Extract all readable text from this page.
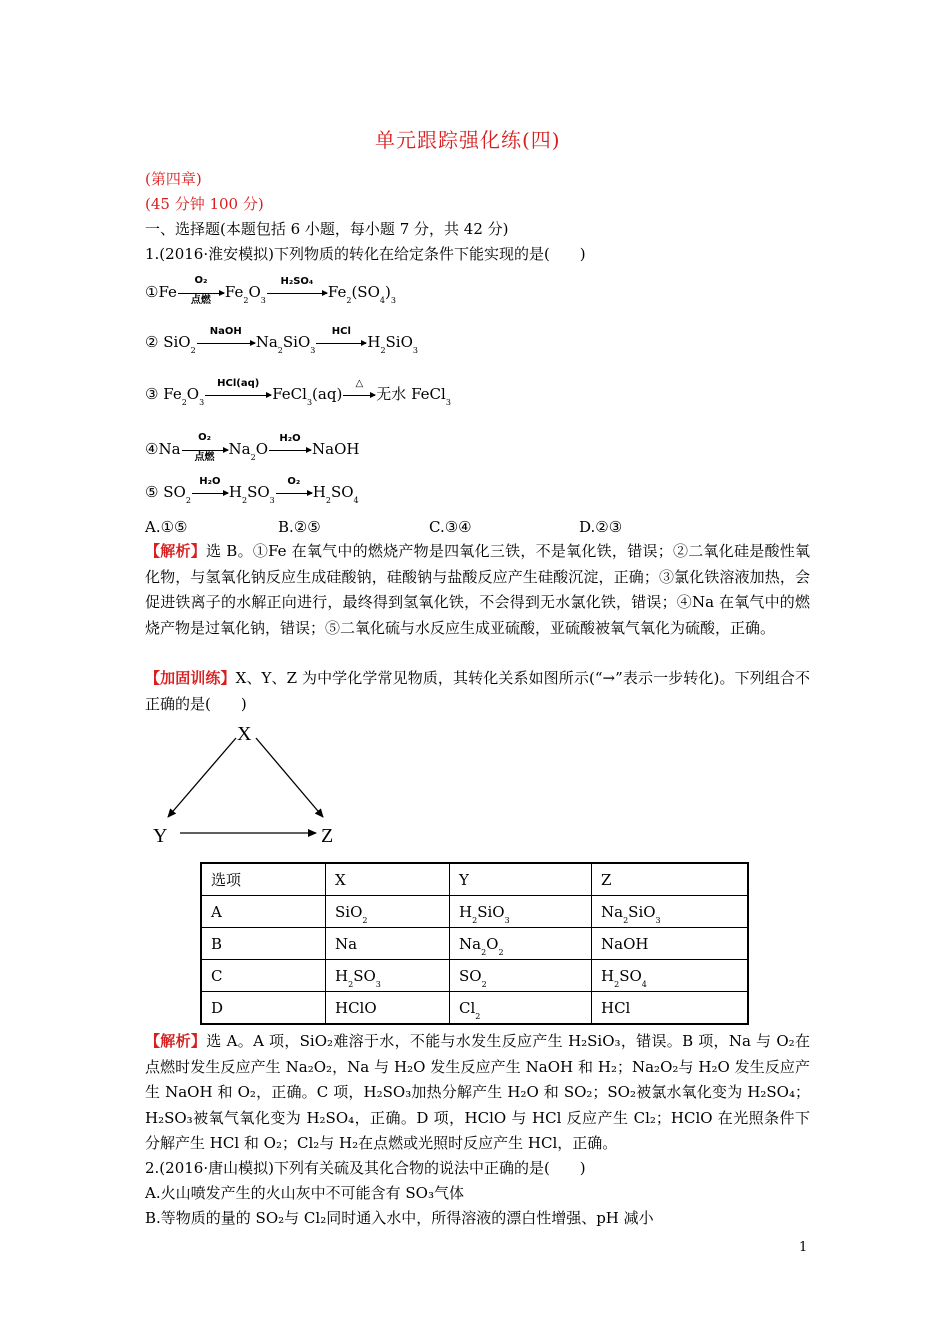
单元跟踪强化练(四)
(第四章)
(45 分钟 100 分)
一、选择题(本题包括 6 小题，每小题 7 分，共 42 分)
1.(2016·淮安模拟)下列物质的转化在给定条件下能实现的是(　　)
①Fe
O₂
点燃 $Fe_2O_3$
H₂SO₄
$Fe_2(SO_4)_3$
② SiO$_2$
NaOH
$Na_2SiO_3$
HCl
$H_2SiO_3$
③ $Fe_2O_3$
HCl(aq)
FeCl$_3$(aq)
△
无水 FeCl$_3$
④Na
O₂
点燃 $Na_2O$
H₂O
NaOH
⑤ $SO_2$
H₂O
$H_2SO_3$
O₂
$H_2SO_4$
A.①⑤	B.②⑤	C.③④	D.②③
【解析】选 B。①Fe 在氧气中的燃烧产物是四氧化三铁，不是氧化铁，错误；②二氧化硅是酸性氧化物，与氢氧化钠反应生成硅酸钠，硅酸钠与盐酸反应产生硅酸沉淀，正确；③氯化铁溶液加热，会促进铁离子的水解正向进行，最终得到氢氧化铁，不会得到无水氯化铁，错误；④Na 在氧气中的燃烧产物是过氧化钠，错误；⑤二氧化硫与水反应生成亚硫酸，亚硫酸被氧气氧化为硫酸，正确。
【加固训练】X、Y、Z 为中学化学常见物质，其转化关系如图所示(“→”表示一步转化)。下列组合不正确的是(　　)
X
Y	Z
选项	X	Y	Z
A	SiO$_2$	$H_2SiO_3$	$Na_2SiO_3$
B	Na	$Na_2O_2$	NaOH
C	$H_2SO_3$	$SO_2$	$H_2SO_4$
D	HClO	$Cl_2$	HCl
【解析】选 A。A 项，SiO₂难溶于水，不能与水发生反应产生 H₂SiO₃，错误。B 项，Na 与 O₂在点燃时发生反应产生 Na₂O₂，Na 与 H₂O 发生反应产生 NaOH 和 H₂；Na₂O₂与 H₂O 发生反应产生 NaOH 和 O₂，正确。C 项，H₂SO₃加热分解产生 H₂O 和 SO₂；SO₂被氯水氧化变为 H₂SO₄；H₂SO₃被氧气氧化变为 H₂SO₄，正确。D 项，HClO 与 HCl 反应产生 Cl₂；HClO 在光照条件下分解产生 HCl 和 O₂；Cl₂与 H₂在点燃或光照时反应产生 HCl，正确。
2.(2016·唐山模拟)下列有关硫及其化合物的说法中正确的是(　　)
A.火山喷发产生的火山灰中不可能含有 SO₃气体
B.等物质的量的 SO₂与 Cl₂同时通入水中，所得溶液的漂白性增强、pH 减小
1
